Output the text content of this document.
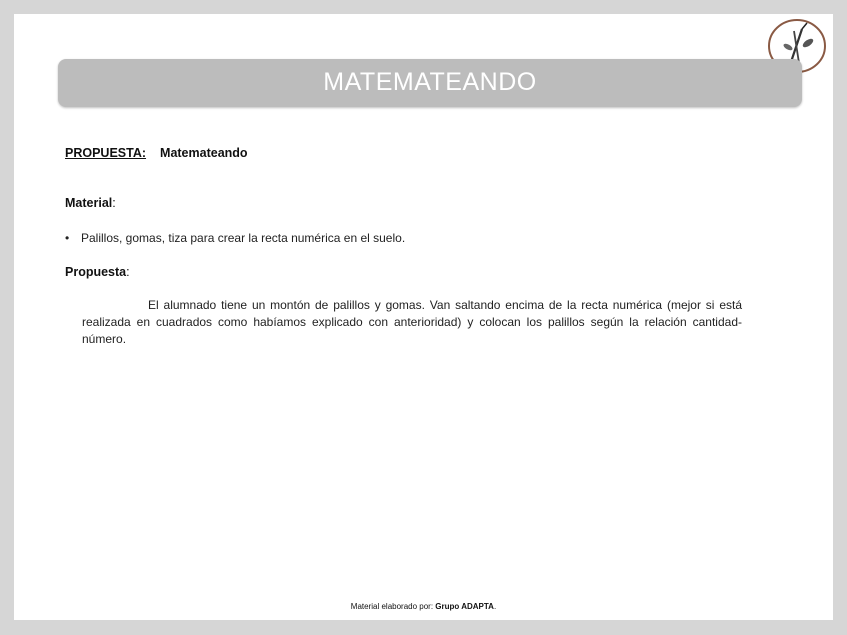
MATEMATEANDO
PROPUESTA: Matemateando
Material:
• Palillos, gomas, tiza para crear la recta numérica en el suelo.
Propuesta:
El alumnado tiene un montón de palillos y gomas. Van saltando encima de la recta numérica (mejor si está realizada en cuadrados como habíamos explicado con anterioridad) y colocan los palillos según la relación cantidad-número.
Material elaborado por: Grupo ADAPTA.
